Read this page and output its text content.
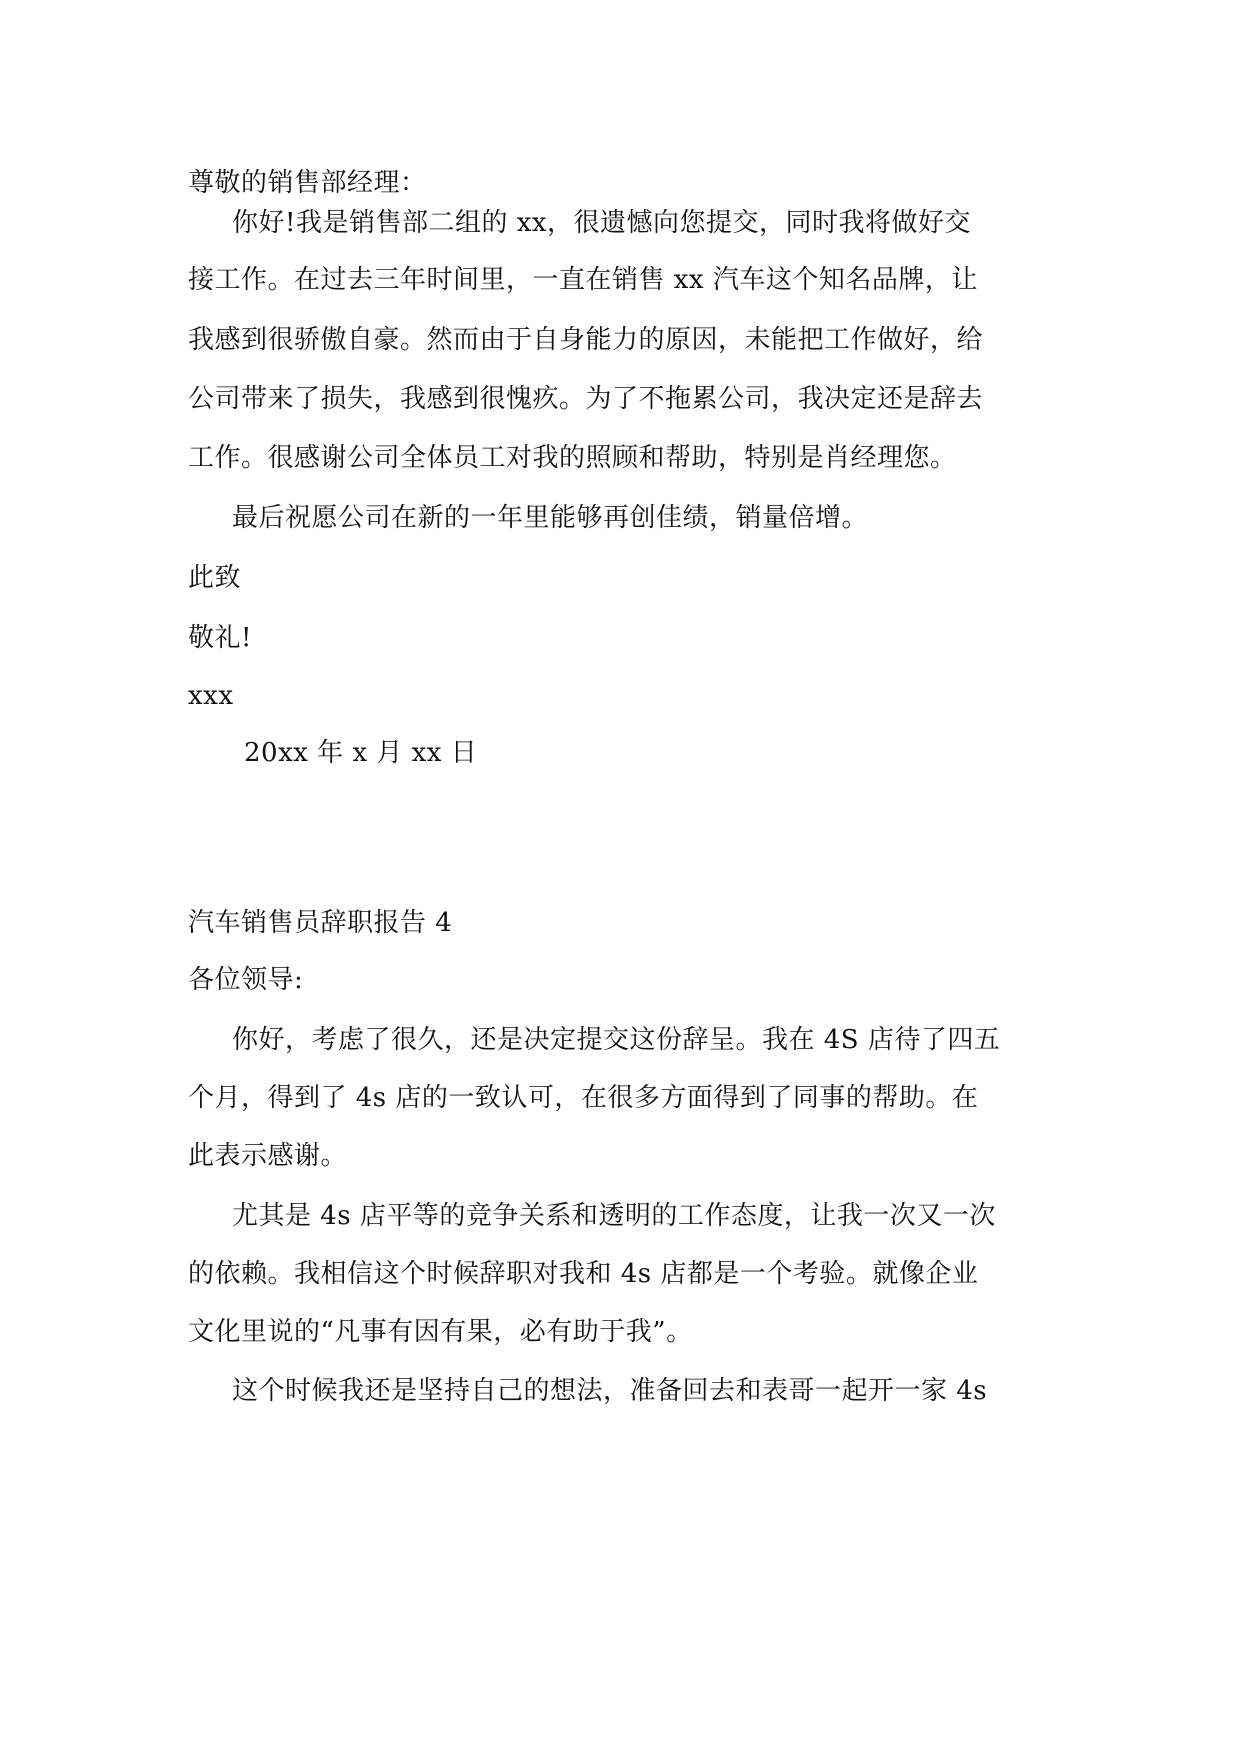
尊敬的销售部经理：
你好!我是销售部二组的 xx，很遗憾向您提交，同时我将做好交
接工作。在过去三年时间里，一直在销售 xx 汽车这个知名品牌，让
我感到很骄傲自豪。然而由于自身能力的原因，未能把工作做好，给
公司带来了损失，我感到很愧疚。为了不拖累公司，我决定还是辞去
工作。很感谢公司全体员工对我的照顾和帮助，特别是肖经理您。
最后祝愿公司在新的一年里能够再创佳绩，销量倍增。
此致
敬礼!
xxx
20xx 年 x 月 xx 日
汽车销售员辞职报告 4
各位领导:
你好，考虑了很久，还是决定提交这份辞呈。我在 4S 店待了四五
个月，得到了 4s 店的一致认可，在很多方面得到了同事的帮助。在
此表示感谢。
尤其是 4s 店平等的竞争关系和透明的工作态度，让我一次又一次
的依赖。我相信这个时候辞职对我和 4s 店都是一个考验。就像企业
文化里说的“凡事有因有果，必有助于我”。
这个时候我还是坚持自己的想法，准备回去和表哥一起开一家 4s
